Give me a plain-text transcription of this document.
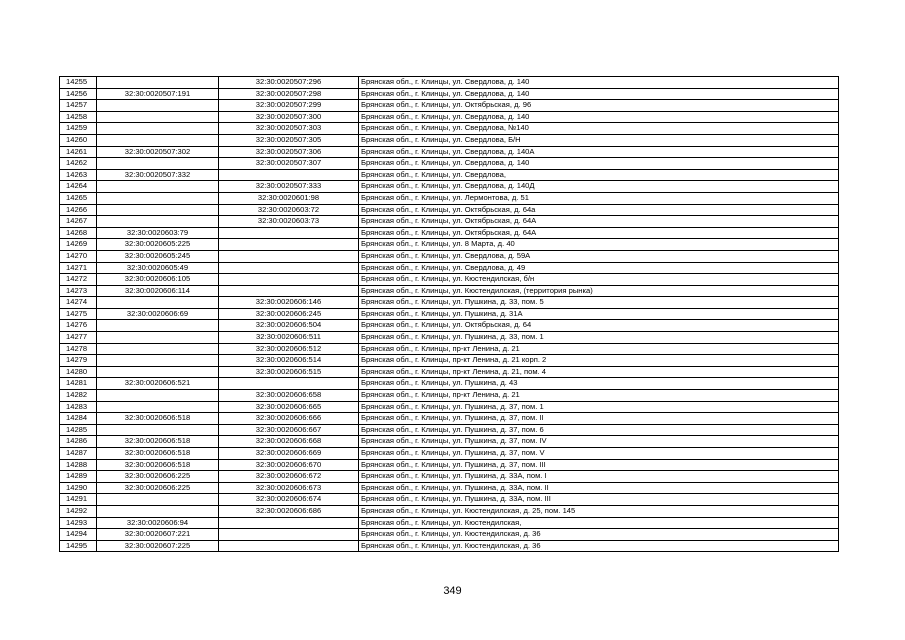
14255		32:30:0020507:296	Брянская обл., г. Клинцы, ул. Свердлова, д. 140
14256	32:30:0020507:191	32:30:0020507:298	Брянская обл., г. Клинцы, ул. Свердлова, д. 140
14257		32:30:0020507:299	Брянская обл., г. Клинцы, ул. Октябрьская, д. 96
14258		32:30:0020507:300	Брянская обл., г. Клинцы, ул. Свердлова, д. 140
14259		32:30:0020507:303	Брянская обл., г. Клинцы, ул. Свердлова, №140
14260		32:30:0020507:305	Брянская обл., г. Клинцы, ул. Свердлова, Б/Н
14261	32:30:0020507:302	32:30:0020507:306	Брянская обл., г. Клинцы, ул. Свердлова, д. 140А
14262		32:30:0020507:307	Брянская обл., г. Клинцы, ул. Свердлова, д. 140
14263	32:30:0020507:332		Брянская обл., г. Клинцы, ул. Свердлова,
14264		32:30:0020507:333	Брянская обл., г. Клинцы, ул. Свердлова, д. 140Д
14265		32:30:0020601:98	Брянская обл., г. Клинцы, ул. Лермонтова, д. 51
14266		32:30:0020603:72	Брянская обл., г. Клинцы, ул. Октябрьская, д. 64а
14267		32:30:0020603:73	Брянская обл., г. Клинцы, ул. Октябрьская, д. 64А
14268	32:30:0020603:79		Брянская обл., г. Клинцы, ул. Октябрьская, д. 64А
14269	32:30:0020605:225		Брянская обл., г. Клинцы, ул. 8 Марта, д. 40
14270	32:30:0020605:245		Брянская обл., г. Клинцы, ул. Свердлова, д. 59А
14271	32:30:0020605:49		Брянская обл., г. Клинцы, ул. Свердлова, д. 49
14272	32:30:0020606:105		Брянская обл., г. Клинцы, ул. Кюстендилская, б/н
14273	32:30:0020606:114		Брянская обл., г. Клинцы, ул. Кюстендилская, (территория рынка)
14274		32:30:0020606:146	Брянская обл., г. Клинцы, ул. Пушкина, д. 33, пом. 5
14275	32:30:0020606:69	32:30:0020606:245	Брянская обл., г. Клинцы, ул. Пушкина, д. 31А
14276		32:30:0020606:504	Брянская обл., г. Клинцы, ул. Октябрьская, д. 64
14277		32:30:0020606:511	Брянская обл., г. Клинцы, ул. Пушкина, д. 33, пом. 1
14278		32:30:0020606:512	Брянская обл., г. Клинцы, пр-кт Ленина, д. 21
14279		32:30:0020606:514	Брянская обл., г. Клинцы, пр-кт Ленина, д. 21 корп. 2
14280		32:30:0020606:515	Брянская обл., г. Клинцы, пр-кт Ленина, д. 21, пом. 4
14281	32:30:0020606:521		Брянская обл., г. Клинцы, ул. Пушкина, д. 43
14282		32:30:0020606:658	Брянская обл., г. Клинцы, пр-кт Ленина, д. 21
14283		32:30:0020606:665	Брянская обл., г. Клинцы, ул. Пушкина, д. 37, пом. 1
14284	32:30:0020606:518	32:30:0020606:666	Брянская обл., г. Клинцы, ул. Пушкина, д. 37, пом. II
14285		32:30:0020606:667	Брянская обл., г. Клинцы, ул. Пушкина, д. 37, пом. 6
14286	32:30:0020606:518	32:30:0020606:668	Брянская обл., г. Клинцы, ул. Пушкина, д. 37, пом. IV
14287	32:30:0020606:518	32:30:0020606:669	Брянская обл., г. Клинцы, ул. Пушкина, д. 37, пом. V
14288	32:30:0020606:518	32:30:0020606:670	Брянская обл., г. Клинцы, ул. Пушкина, д. 37, пом. III
14289	32:30:0020606:225	32:30:0020606:672	Брянская обл., г. Клинцы, ул. Пушкина, д. 33А, пом. I
14290	32:30:0020606:225	32:30:0020606:673	Брянская обл., г. Клинцы, ул. Пушкина, д. 33А, пом. II
14291		32:30:0020606:674	Брянская обл., г. Клинцы, ул. Пушкина, д. 33А, пом. III
14292		32:30:0020606:686	Брянская обл., г. Клинцы, ул. Кюстендилская, д. 25, пом. 145
14293	32:30:0020606:94		Брянская обл., г. Клинцы, ул. Кюстендилская,
14294	32:30:0020607:221		Брянская обл., г. Клинцы, ул. Кюстендилская, д. 36
14295	32:30:0020607:225		Брянская обл., г. Клинцы, ул. Кюстендилская, д. 36
349
